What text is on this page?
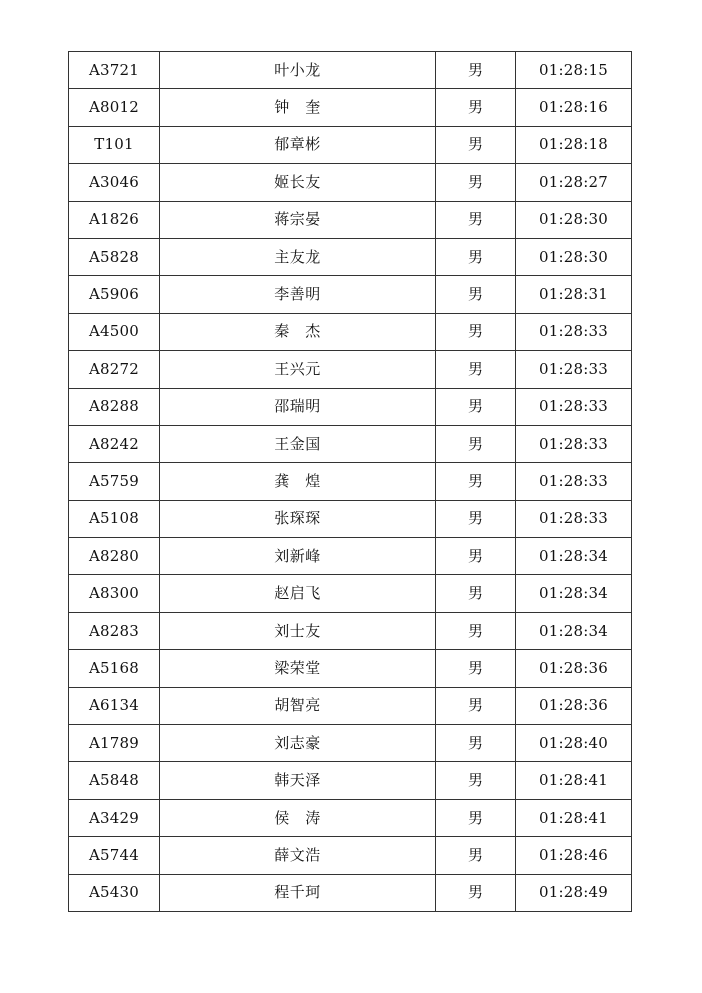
A3721	叶小龙	男	01:28:15
A8012	钟　奎	男	01:28:16
T101	郁章彬	男	01:28:18
A3046	姬长友	男	01:28:27
A1826	蒋宗晏	男	01:28:30
A5828	主友龙	男	01:28:30
A5906	李善明	男	01:28:31
A4500	秦　杰	男	01:28:33
A8272	王兴元	男	01:28:33
A8288	邵瑞明	男	01:28:33
A8242	王金国	男	01:28:33
A5759	龚　煌	男	01:28:33
A5108	张琛琛	男	01:28:33
A8280	刘新峰	男	01:28:34
A8300	赵启飞	男	01:28:34
A8283	刘士友	男	01:28:34
A5168	梁荣堂	男	01:28:36
A6134	胡智亮	男	01:28:36
A1789	刘志豪	男	01:28:40
A5848	韩天泽	男	01:28:41
A3429	侯　涛	男	01:28:41
A5744	薛文浩	男	01:28:46
A5430	程千珂	男	01:28:49
